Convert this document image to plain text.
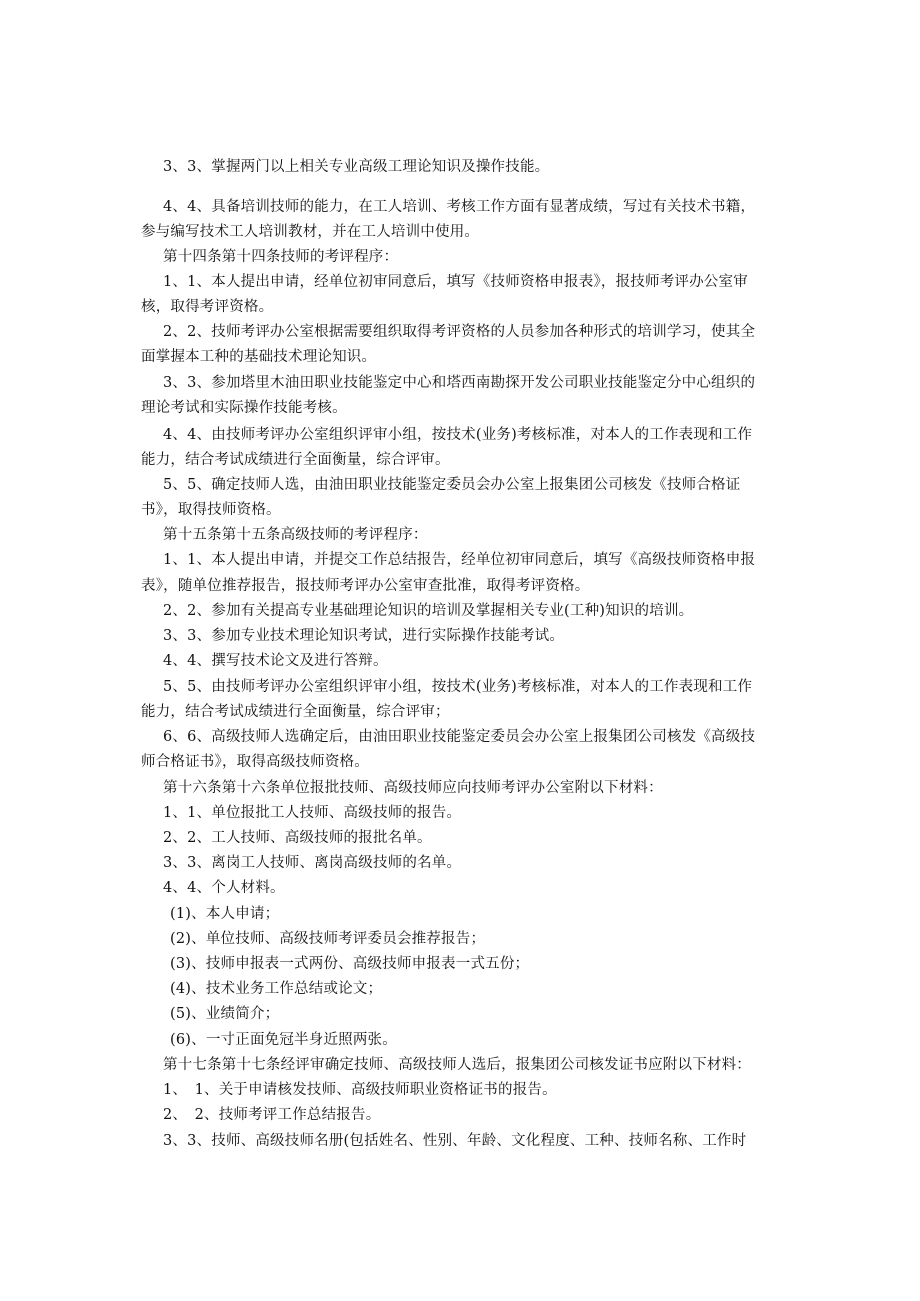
3、3、掌握两门以上相关专业高级工理论知识及操作技能。
4、4、具备培训技师的能力，在工人培训、考核工作方面有显著成绩，写过有关技术书籍，
参与编写技术工人培训教材，并在工人培训中使用。
第十四条第十四条技师的考评程序：
1、1、本人提出申请，经单位初审同意后，填写《技师资格申报表》，报技师考评办公室审
核，取得考评资格。
2、2、技师考评办公室根据需要组织取得考评资格的人员参加各种形式的培训学习，使其全
面掌握本工种的基础技术理论知识。
3、3、参加塔里木油田职业技能鉴定中心和塔西南勘探开发公司职业技能鉴定分中心组织的
理论考试和实际操作技能考核。
4、4、由技师考评办公室组织评审小组，按技术(业务)考核标准，对本人的工作表现和工作
能力，结合考试成绩进行全面衡量，综合评审。
5、5、确定技师人选，由油田职业技能鉴定委员会办公室上报集团公司核发《技师合格证
书》，取得技师资格。
第十五条第十五条高级技师的考评程序：
1、1、本人提出申请，并提交工作总结报告，经单位初审同意后，填写《高级技师资格申报
表》，随单位推荐报告，报技师考评办公室审查批准，取得考评资格。
2、2、参加有关提高专业基础理论知识的培训及掌握相关专业(工种)知识的培训。
3、3、参加专业技术理论知识考试，进行实际操作技能考试。
4、4、撰写技术论文及进行答辩。
5、5、由技师考评办公室组织评审小组，按技术(业务)考核标准，对本人的工作表现和工作
能力，结合考试成绩进行全面衡量，综合评审；
6、6、高级技师人选确定后，由油田职业技能鉴定委员会办公室上报集团公司核发《高级技
师合格证书》，取得高级技师资格。
第十六条第十六条单位报批技师、高级技师应向技师考评办公室附以下材料：
1、1、单位报批工人技师、高级技师的报告。
2、2、工人技师、高级技师的报批名单。
3、3、离岗工人技师、离岗高级技师的名单。
4、4、个人材料。
(1)、本人申请；
(2)、单位技师、高级技师考评委员会推荐报告；
(3)、技师申报表一式两份、高级技师申报表一式五份；
(4)、技术业务工作总结或论文；
(5)、业绩简介；
(6)、一寸正面免冠半身近照两张。
第十七条第十七条经评审确定技师、高级技师人选后，报集团公司核发证书应附以下材料：
1、　1、关于申请核发技师、高级技师职业资格证书的报告。
2、　2、技师考评工作总结报告。
3、3、技师、高级技师名册(包括姓名、性别、年龄、文化程度、工种、技师名称、工作时
